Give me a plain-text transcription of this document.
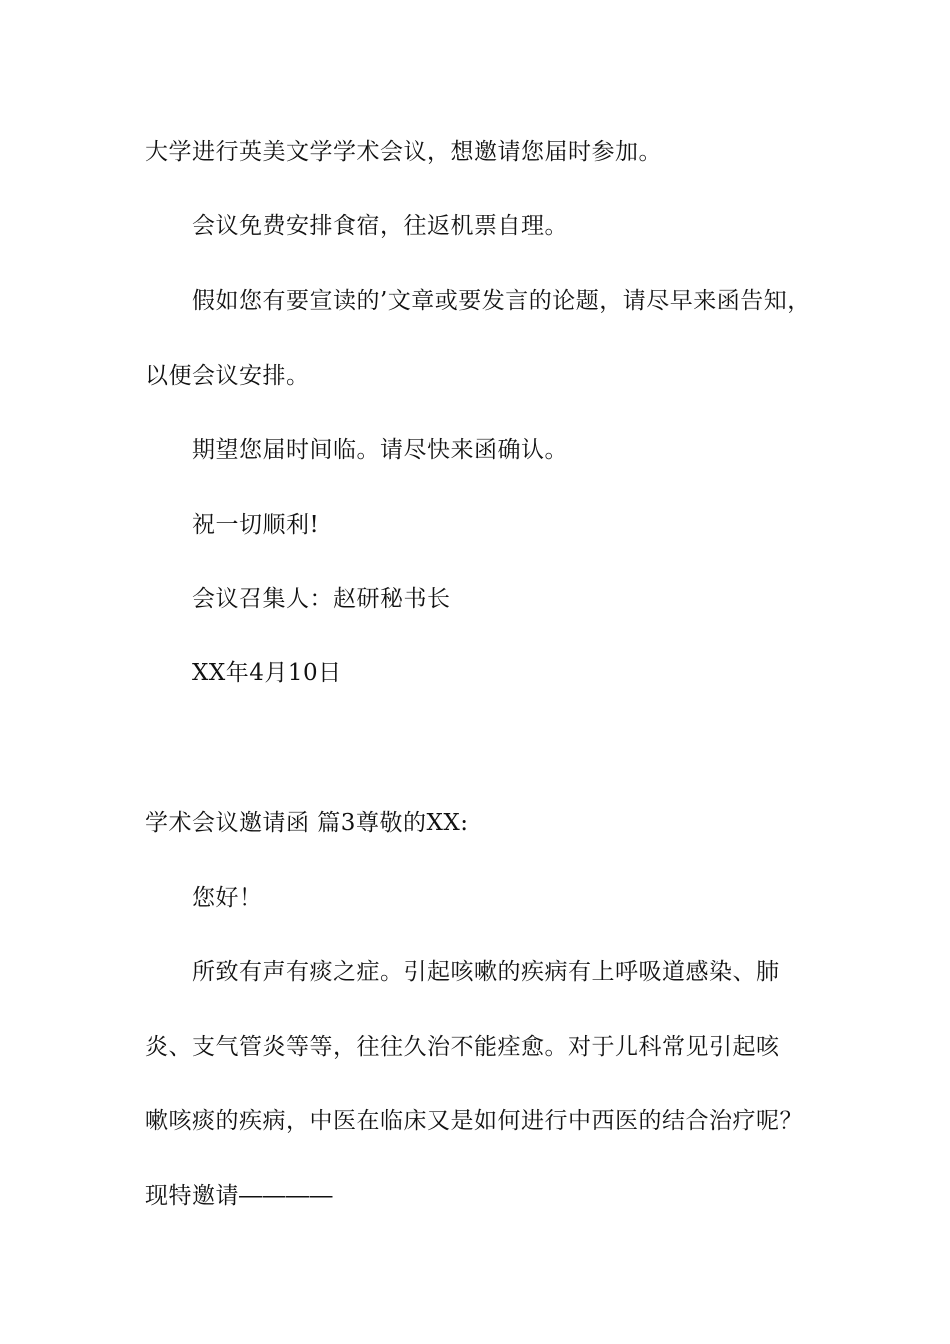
大学进行英美文学学术会议，想邀请您届时参加。
会议免费安排食宿，往返机票自理。
假如您有要宣读的’文章或要发言的论题，请尽早来函告知，
以便会议安排。
期望您届时间临。请尽快来函确认。
祝一切顺利!
会议召集人：赵研秘书长
XX年4月10日
学术会议邀请函 篇3尊敬的XX:
您好！
所致有声有痰之症。引起咳嗽的疾病有上呼吸道感染、肺
炎、支气管炎等等，往往久治不能痊愈。对于儿科常见引起咳
嗽咳痰的疾病，中医在临床又是如何进行中西医的结合治疗呢？
现特邀请――――
